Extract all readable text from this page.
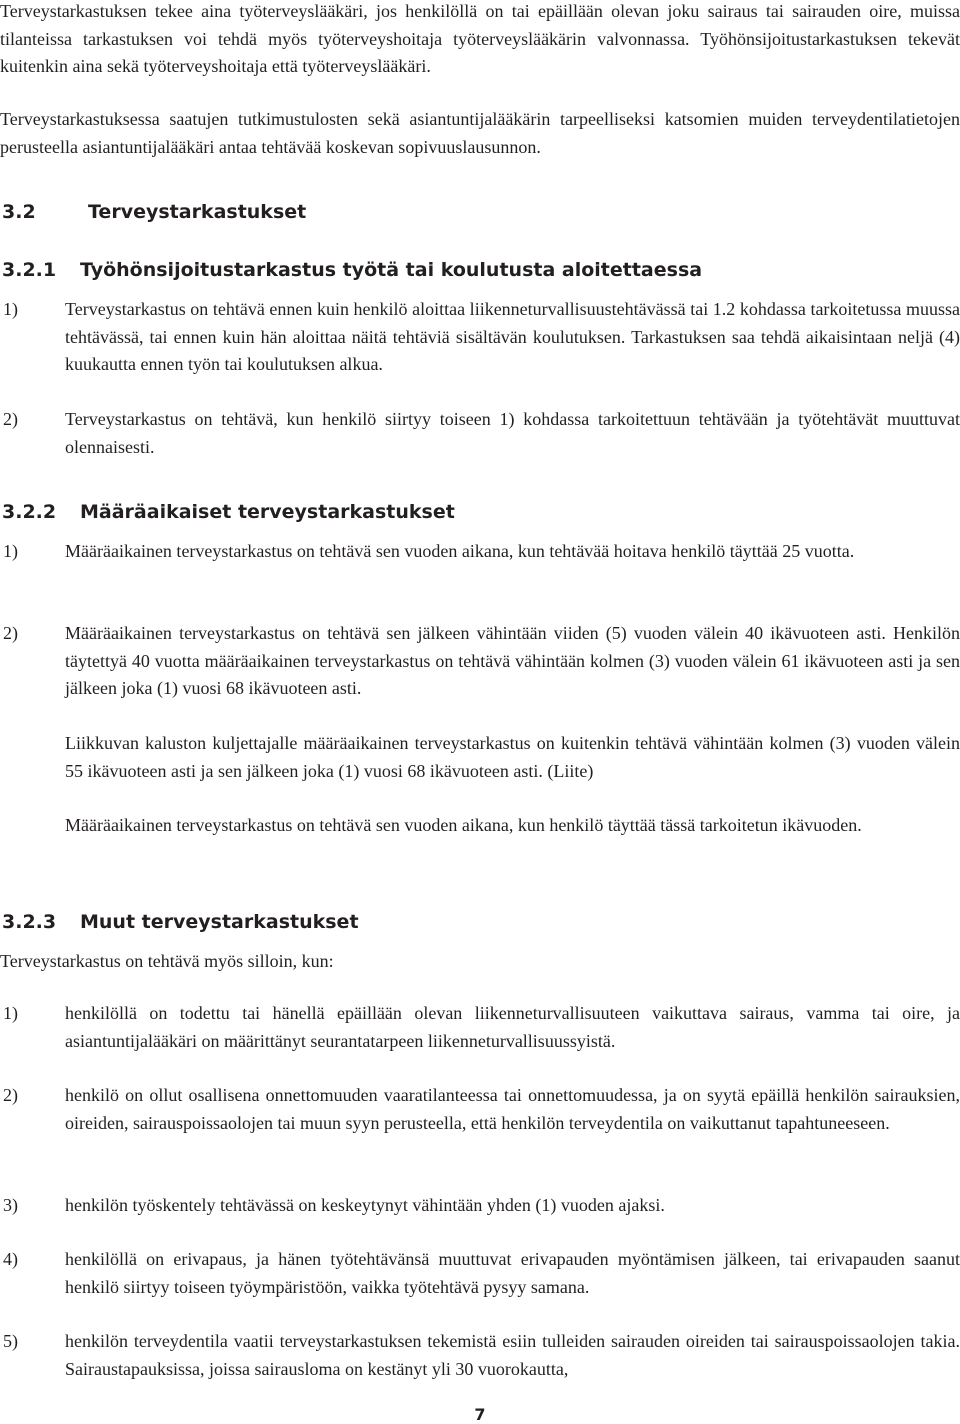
Terveystarkastuksen tekee aina työterveyslääkäri, jos henkilöllä on tai epäillään olevan joku sairaus tai sairauden oire, muissa tilanteissa tarkastuksen voi tehdä myös työterveyshoitaja työterveyslääkärin valvonnassa. Työhönsijoitustarkastuksen tekevät kuitenkin aina sekä työterveyshoitaja että työterveyslääkäri.

Terveystarkastuksessa saatujen tutkimustulosten sekä asiantuntijalääkärin tarpeelliseksi katsomien muiden terveydentilatietojen perusteella asiantuntijalääkäri antaa tehtävää koskevan sopivuuslausunnon.

3.2	Terveystarkastukset
3.2.1 Työhönsijoitustarkastus työtä tai koulutusta aloitettaessa
1)	Terveystarkastus on tehtävä ennen kuin henkilö aloittaa liikenneturvallisuustehtävässä tai 1.2 kohdassa tarkoitetussa muussa tehtävässä, tai ennen kuin hän aloittaa näitä tehtäviä sisältävän koulutuksen. Tarkastuksen saa tehdä aikaisintaan neljä (4) kuukautta ennen työn tai koulutuksen alkua.

2)	Terveystarkastus on tehtävä, kun henkilö siirtyy toiseen 1) kohdassa tarkoitettuun tehtävään ja työtehtävät muuttuvat olennaisesti.

3.2.2 Määräaikaiset terveystarkastukset
1)	Määräaikainen terveystarkastus on tehtävä sen vuoden aikana, kun tehtävää hoitava henkilö täyttää 25 vuotta.

2)	Määräaikainen terveystarkastus on tehtävä sen jälkeen vähintään viiden (5) vuoden välein 40 ikävuoteen asti. Henkilön täytettyä 40 vuotta määräaikainen terveystarkastus on tehtävä vähintään kolmen (3) vuoden välein 61 ikävuoteen asti ja sen jälkeen joka (1) vuosi 68 ikävuoteen asti.

Liikkuvan kaluston kuljettajalle määräaikainen terveystarkastus on kuitenkin tehtävä vähintään kolmen (3) vuoden välein 55 ikävuoteen asti ja sen jälkeen joka (1) vuosi 68 ikävuoteen asti. (Liite)

Määräaikainen terveystarkastus on tehtävä sen vuoden aikana, kun henkilö täyttää tässä tarkoitetun ikävuoden.

3.2.3 Muut terveystarkastukset

Terveystarkastus on tehtävä myös silloin, kun:

1)	henkilöllä on todettu tai hänellä epäillään olevan liikenneturvallisuuteen vaikuttava sairaus, vamma tai oire, ja asiantuntijalääkäri on määrittänyt seurantatarpeen liikenneturvallisuussyistä.

2)	henkilö on ollut osallisena onnettomuuden vaaratilanteessa tai onnettomuudessa, ja on syytä epäillä henkilön sairauksien, oireiden, sairauspoissaolojen tai muun syyn perusteella, että henkilön terveydentila on vaikuttanut tapahtuneeseen.

3)	henkilön työskentely tehtävässä on keskeytynyt vähintään yhden (1) vuoden ajaksi.

4)	henkilöllä on erivapaus, ja hänen työtehtävänsä muuttuvat erivapauden myöntämisen jälkeen, tai erivapauden saanut henkilö siirtyy toiseen työympäristöön, vaikka työtehtävä pysyy samana.

5)	henkilön terveydentila vaatii terveystarkastuksen tekemistä esiin tulleiden sairauden oireiden tai sairauspoissaolojen takia. Sairaustapauksissa, joissa sairausloma on kestänyt yli 30 vuorokautta,

7
